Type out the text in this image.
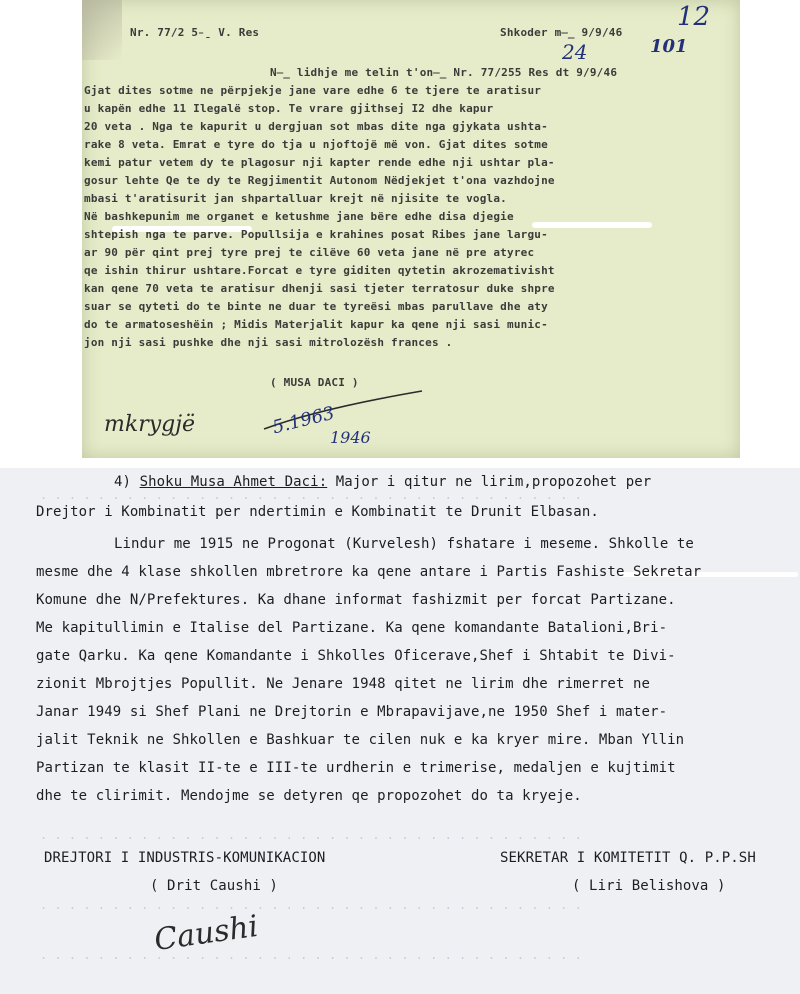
Nr. 77/2 5̵̱ V. Res	Shkoder m̶̲ 9/9/46
12
24	101
N̶̲ lidhje me telin t'on̶̲ Nr. 77/255 Res dt 9/9/46
Gjat dites sotme ne përpjekje jane vare edhe 6 te tjere te aratisur
u kapën edhe 11 Ilegalë stop. Te vrare gjithsej I2 dhe kapur
20 veta . Nga te kapurit u dergjuan sot mbas dite nga gjykata ushta-
rake 8 veta. Emrat e tyre do tja u njoftojë më von. Gjat dites sotme
kemi patur vetem dy te plagosur nji kapter rende edhe nji ushtar pla-
gosur lehte Qe te dy te Regjimentit Autonom Nëdjekjet t'ona vazhdojne
mbasi t'aratisurit jan shpartalluar krejt në njisite te vogla.
Në bashkepunim me organet e ketushme jane bëre edhe disa djegie
shtepish nga te parve. Popullsija e krahines posat Ribes jane largu-
ar 90 për qint prej tyre prej te cilëve 60 veta jane në pre atyrec
qe ishin thirur ushtare.Forcat e tyre giditen qytetin akrozemativisht
kan qene 70 veta te aratisur dhenji sasi tjeter terratosur duke shpre
suar se qyteti do te binte ne duar te tyreësi mbas parullave dhe aty
do te armatoseshëin ; Midis Materjalit kapur ka qene nji sasi munic-
jon nji sasi pushke dhe nji sasi mitrolozësh frances .
( MUSA DACI )
mkrygjë	5.1963
1946
. . . . . . . . . . . . . . . . . . . . . . . . . . . . . . . . . . . . . .
. . . . . . . . . . . . . . . . . . . . . . . . . . . . . . . . . . . . . .
. . . . . . . . . . . . . . . . . . . . . . . . . . . . . . . . . . . . . .
. . . . . . . . . . . . . . . . . . . . . . . . . . . . . . . . . . . . . .
4) Shoku Musa Ahmet Daci: Major i qitur ne lirim,propozohet per
Drejtor i Kombinatit per ndertimin e Kombinatit te Drunit Elbasan.
Lindur me 1915 ne Progonat (Kurvelesh) fshatare i meseme. Shkolle te
mesme dhe 4 klase shkollen mbretrore ka qene antare i Partis Fashiste Sekretar
Komune dhe N/Prefektures. Ka dhane informat fashizmit per forcat Partizane.
Me kapitullimin e Italise del Partizane. Ka qene komandante Batalioni,Bri-
gate Qarku. Ka qene Komandante i Shkolles Oficerave,Shef i Shtabit te Divi-
zionit Mbrojtjes Popullit. Ne Jenare 1948 qitet ne lirim dhe rimerret ne
Janar 1949 si Shef Plani ne Drejtorin e Mbrapavijave,ne 1950 Shef i mater-
jalit Teknik ne Shkollen e Bashkuar te cilen nuk e ka kryer mire. Mban Yllin
Partizan te klasit II-te e III-te urdherin e trimerise, medaljen e kujtimit
dhe te clirimit. Mendojme se detyren qe propozohet do ta kryeje.
DREJTORI I INDUSTRIS-KOMUNIKACION
( Drit Caushi )
SEKRETAR I KOMITETIT Q. P.P.SH
( Liri Belishova )
Caushi
